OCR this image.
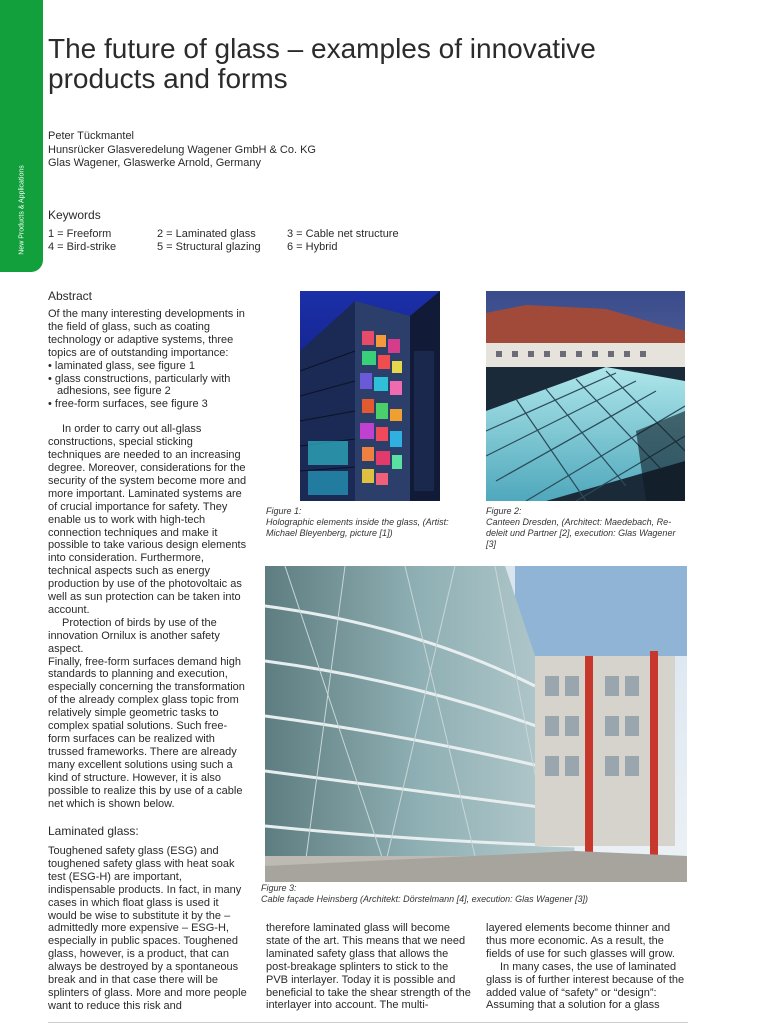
New Products & Applications
The future of glass – examples of innovative products and forms
Peter Tückmantel
Hunsrücker Glasveredelung Wagener GmbH & Co. KG
Glas Wagener, Glaswerke Arnold, Germany
Keywords
1 = Freeform	2 = Laminated glass	3 = Cable net structure
4 = Bird-strike	5 = Structural glazing 6 = Hybrid
Abstract

Of the many interesting developments in the field of glass, such as coating technology or adaptive systems, three topics are of outstanding importance:

• laminated glass, see figure 1

• glass constructions, particularly with adhesions, see figure 2

• free-form surfaces, see figure 3

In order to carry out all-glass constructions, special sticking techniques are needed to an increasing degree. Moreover, considerations for the security of the system become more and more important. Laminated systems are of crucial importance for safety. They enable us to work with high-tech connection techniques and make it possible to take various design elements into consideration. Furthermore, technical aspects such as energy production by use of the photovoltaic as well as sun protection can be taken into account.

Protection of birds by use of the innovation Ornilux is another safety aspect.

Finally, free-form surfaces demand high standards to planning and execution, especially concerning the transformation of the already complex glass topic from relatively simple geometric tasks to complex spatial solutions. Such free-form surfaces can be realized with trussed frameworks. There are already many excellent solutions using such a kind of structure. However, it is also possible to realize this by use of a cable net which is shown below.

Laminated glass:

Toughened safety glass (ESG) and toughened safety glass with heat soak test (ESG-H) are important, indispensable products. In fact, in many cases in which float glass is used it would be wise to substitute it by the – admittedly more expensive – ESG-H, especially in public spaces. Toughened glass, however, is a product, that can always be destroyed by a spontaneous break and in that case there will be splinters of glass. More and more people want to reduce this risk and

therefore laminated glass will become state of the art. This means that we need laminated safety glass that allows the post-breakage splinters to stick to the PVB interlayer. Today it is possible and beneficial to take the shear strength of the interlayer into account. The multi-

layered elements become thinner and thus more economic. As a result, the fields of use for such glasses will grow.

In many cases, the use of laminated glass is of further interest because of the added value of “safety” or “design”: Assuming that a solution for a glass

Figure 1:
Holographic elements inside the glass, (Artist: Michael Bleyenberg, picture [1])
Figure 2:
Canteen Dresden, (Architect: Maedebach, Re-deleit und Partner [2], execution: Glas Wagener [3]
Figure 3:
Cable façade Heinsberg (Architekt: Dörstelmann [4], execution: Glas Wagener [3])
